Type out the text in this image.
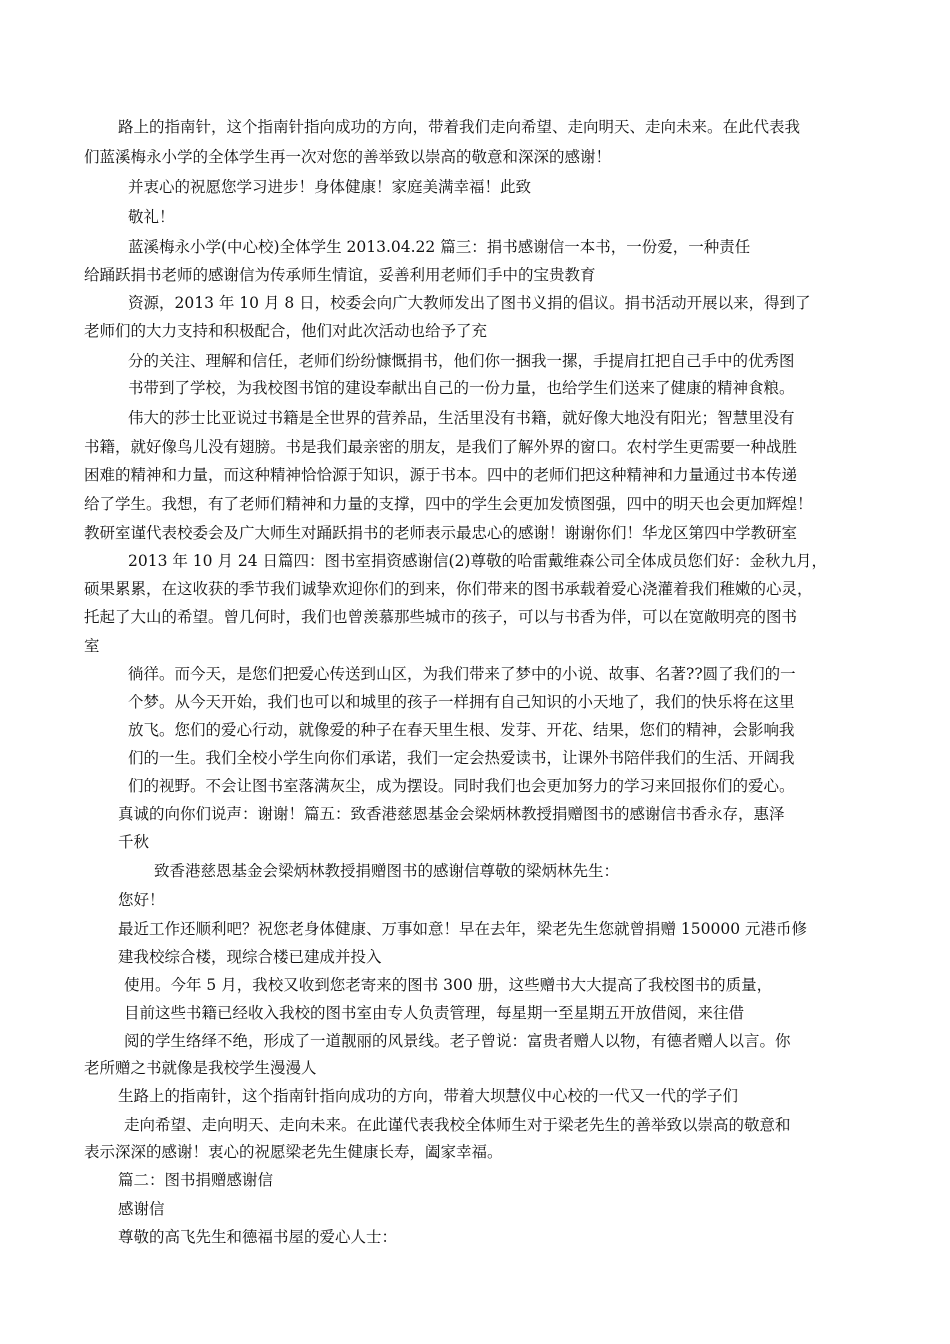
路上的指南针，这个指南针指向成功的方向，带着我们走向希望、走向明天、走向未来。在此代表我

们蓝溪梅永小学的全体学生再一次对您的善举致以崇高的敬意和深深的感谢！

并衷心的祝愿您学习进步！身体健康！家庭美满幸福！此致

敬礼！

蓝溪梅永小学(中心校)全体学生 2013.04.22 篇三：捐书感谢信一本书，一份爱，一种责任

给踊跃捐书老师的感谢信为传承师生情谊，妥善利用老师们手中的宝贵教育

资源，2013 年 10 月 8 日，校委会向广大教师发出了图书义捐的倡议。捐书活动开展以来，得到了

老师们的大力支持和积极配合，他们对此次活动也给予了充

分的关注、理解和信任，老师们纷纷慷慨捐书，他们你一捆我一摞，手提肩扛把自己手中的优秀图

书带到了学校，为我校图书馆的建设奉献出自己的一份力量，也给学生们送来了健康的精神食粮。

伟大的莎士比亚说过书籍是全世界的营养品，生活里没有书籍，就好像大地没有阳光；智慧里没有

书籍，就好像鸟儿没有翅膀。书是我们最亲密的朋友，是我们了解外界的窗口。农村学生更需要一种战胜

困难的精神和力量，而这种精神恰恰源于知识，源于书本。四中的老师们把这种精神和力量通过书本传递

给了学生。我想，有了老师们精神和力量的支撑，四中的学生会更加发愤图强，四中的明天也会更加辉煌！

教研室谨代表校委会及广大师生对踊跃捐书的老师表示最忠心的感谢！谢谢你们！华龙区第四中学教研室

2013 年 10 月 24 日篇四：图书室捐资感谢信(2)尊敬的哈雷戴维森公司全体成员您们好：金秋九月，

硕果累累，在这收获的季节我们诚挚欢迎你们的到来，你们带来的图书承载着爱心浇灌着我们稚嫩的心灵，

托起了大山的希望。曾几何时，我们也曾羡慕那些城市的孩子，可以与书香为伴，可以在宽敞明亮的图书

室

徜徉。而今天，是您们把爱心传送到山区，为我们带来了梦中的小说、故事、名著??圆了我们的一

个梦。从今天开始，我们也可以和城里的孩子一样拥有自己知识的小天地了，我们的快乐将在这里

放飞。您们的爱心行动，就像爱的种子在春天里生根、发芽、开花、结果，您们的精神，会影响我

们的一生。我们全校小学生向你们承诺，我们一定会热爱读书，让课外书陪伴我们的生活、开阔我

们的视野。不会让图书室落满灰尘，成为摆设。同时我们也会更加努力的学习来回报你们的爱心。

真诚的向你们说声：谢谢！篇五：致香港慈恩基金会梁炳林教授捐赠图书的感谢信书香永存，惠泽

千秋

致香港慈恩基金会梁炳林教授捐赠图书的感谢信尊敬的梁炳林先生：

您好！

最近工作还顺利吧？祝您老身体健康、万事如意！早在去年，梁老先生您就曾捐赠 150000 元港币修

建我校综合楼，现综合楼已建成并投入

使用。今年 5 月，我校又收到您老寄来的图书 300 册，这些赠书大大提高了我校图书的质量，

目前这些书籍已经收入我校的图书室由专人负责管理，每星期一至星期五开放借阅，来往借

阅的学生络绎不绝，形成了一道靓丽的风景线。老子曾说：富贵者赠人以物，有德者赠人以言。你

老所赠之书就像是我校学生漫漫人

生路上的指南针，这个指南针指向成功的方向，带着大坝慧仪中心校的一代又一代的学子们

走向希望、走向明天、走向未来。在此谨代表我校全体师生对于梁老先生的善举致以崇高的敬意和

表示深深的感谢！衷心的祝愿梁老先生健康长寿，阖家幸福。

篇二：图书捐赠感谢信

感谢信

尊敬的高飞先生和德福书屋的爱心人士：
